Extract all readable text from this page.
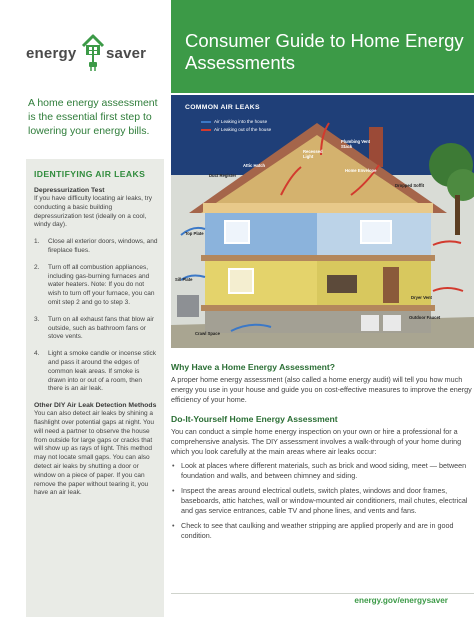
energy saver
A home energy assessment is the essential first step to lowering your energy bills.
IDENTIFYING AIR LEAKS
Depressurization Test

If you have difficulty locating air leaks, try conducting a basic building depressurization test (ideally on a cool, windy day).

1.	Close all exterior doors, windows, and fireplace flues.
2.	Turn off all combustion appliances, including gas-burning furnaces and water heaters. Note: If you do not wish to turn off your furnace, you can omit step 2 and go to step 3.
3.	Turn on all exhaust fans that blow air outside, such as bathroom fans or stove vents.
4.	Light a smoke candle or incense stick and pass it around the edges of common leak areas. If smoke is drawn into or out of a room, then there is an air leak.
Other DIY Air Leak Detection Methods

You can also detect air leaks by shining a flashlight over potential gaps at night. You will need a partner to observe the house from outside for large gaps or cracks that will show up as rays of light. This method may not locate small gaps. You can also detect air leaks by shutting a door or window on a piece of paper. If you can remove the paper without tearing it, you have an air leak.

Consumer Guide to Home Energy Assessments
COMMON AIR LEAKS
Air Leaking into the house
Air Leaking out of the house
Plumbing Vent Stack
Recessed Light
Attic Hatch
Home Envelope
Duct Register
Dropped Soffit
Top Plate
Sill Plate
Crawl Space
Dryer Vent
Outdoor Faucet
Why Have a Home Energy Assessment?

A proper home energy assessment (also called a home energy audit) will tell you how much energy you use in your house and guide you on cost-effective measures to improve the energy efficiency of your home.

Do-It-Yourself Home Energy Assessment

You can conduct a simple home energy inspection on your own or hire a professional for a comprehensive analysis. The DIY assessment involves a walk-through of your home during which you look carefully at the main areas where air leaks occur:

• Look at places where different materials, such as brick and wood siding, meet — between foundation and walls, and between chimney and siding.
• Inspect the areas around electrical outlets, switch plates, windows and door frames, baseboards, attic hatches, wall or window-mounted air conditioners, mail chutes, electrical and gas service entrances, cable TV and phone lines, and vents and fans.
• Check to see that caulking and weather stripping are applied properly and are in good condition.
energy.gov/energysaver
